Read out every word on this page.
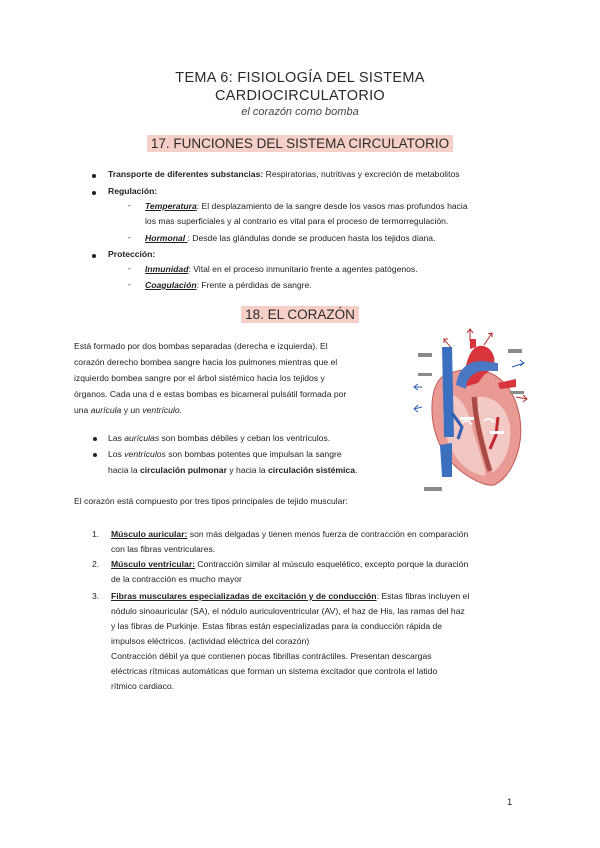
TEMA 6: FISIOLOGÍA DEL SISTEMA
CARDIOCIRCULATORIO
el corazón como bomba
17. FUNCIONES DEL SISTEMA CIRCULATORIO
Transporte de diferentes substancias: Respiratorias, nutritivas y excreción de metabolitos
Regulación:
- Temperatura: El desplazamiento de la sangre desde los vasos mas profundos hacia
los mas superficiales y al contrario es vital para el proceso de termorregulación.
- Hormonal : Desde las glándulas donde se producen hasta los tejidos diana.
Protección:
- Inmunidad: Vital en el proceso inmunitario frente a agentes patógenos.
- Coagulación: Frente a pérdidas de sangre.
18. EL CORAZÓN
Está formado por dos bombas separadas (derecha e izquierda). El
corazón derecho bombea sangre hacia los pulmones mientras que el
izquierdo bombea sangre por el árbol sistémico hacia los tejidos y
órganos. Cada una d e estas bombas es bicameral pulsátil formada por
una aurícula y un ventrículo.
Las aurículas son bombas débiles y ceban los ventrículos.
Los ventrículos son bombas potentes que impulsan la sangre
hacia la circulación pulmonar y hacia la circulación sistémica.
El corazón está compuesto por tres tipos principales de tejido muscular:
1. Músculo auricular: son más delgadas y tienen menos fuerza de contracción en comparación
con las fibras ventriculares.
2. Músculo ventricular: Contracción similar al músculo esquelético, excepto porque la duración
de la contracción es mucho mayor
3. Fibras musculares especializadas de excitación y de conducción: Estas fibras incluyen el
nódulo sinoauricular (SA), el nódulo auriculoventricular (AV), el haz de His, las ramas del haz
y las fibras de Purkinje. Estas fibras están especializadas para la conducción rápida de
impulsos eléctricos. (actividad eléctrica del corazón)
Contracción débil ya que contienen pocas fibrillas contráctiles. Presentan descargas
eléctricas rítmicas automáticas que forman un sistema excitador que controla el latido
rítmico cardiaco.
1
